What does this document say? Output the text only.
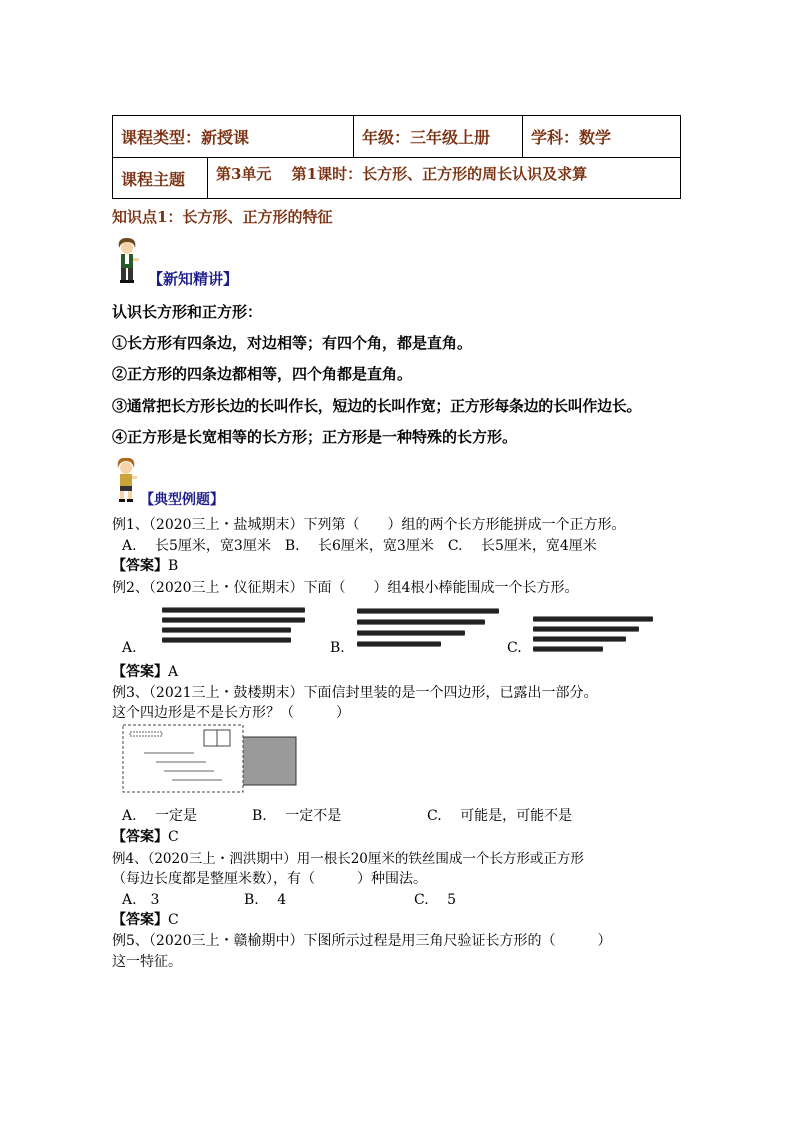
课程类型：新授课	年级：三年级上册	学科：数学
课程主题 第3单元　 第1课时：长方形、正方形的周长认识及求算
知识点1：长方形、正方形的特征
【新知精讲】
认识长方形和正方形：
①长方形有四条边，对边相等；有四个角，都是直角。
②正方形的四条边都相等，四个角都是直角。
③通常把长方形长边的长叫作长，短边的长叫作宽；正方形每条边的长叫作边长。
④正方形是长宽相等的长方形；正方形是一种特殊的长方形。
【典型例题】
例1、（2020三上・盐城期末）下列第（　　）组的两个长方形能拼成一个正方形。
A.　 长5厘米，宽3厘米　B.　 长6厘米，宽3厘米　C.　 长5厘米，宽4厘米
【答案】B
例2、（2020三上・仪征期末）下面（　　）组4根小棒能围成一个长方形。
A.	B.	C.
【答案】A
例3、（2021三上・鼓楼期末）下面信封里装的是一个四边形，已露出一部分。
这个四边形是不是长方形？（　　　）
A.　 一定是	B.　 一定不是	C.　 可能是，可能不是
【答案】C
例4、（2020三上・泗洪期中）用一根长20厘米的铁丝围成一个长方形或正方形
（每边长度都是整厘米数），有（　　　）种围法。
A.　3	B.　 4	C.　 5
【答案】C
例5、（2020三上・赣榆期中）下图所示过程是用三角尺验证长方形的（　　　）
这一特征。
